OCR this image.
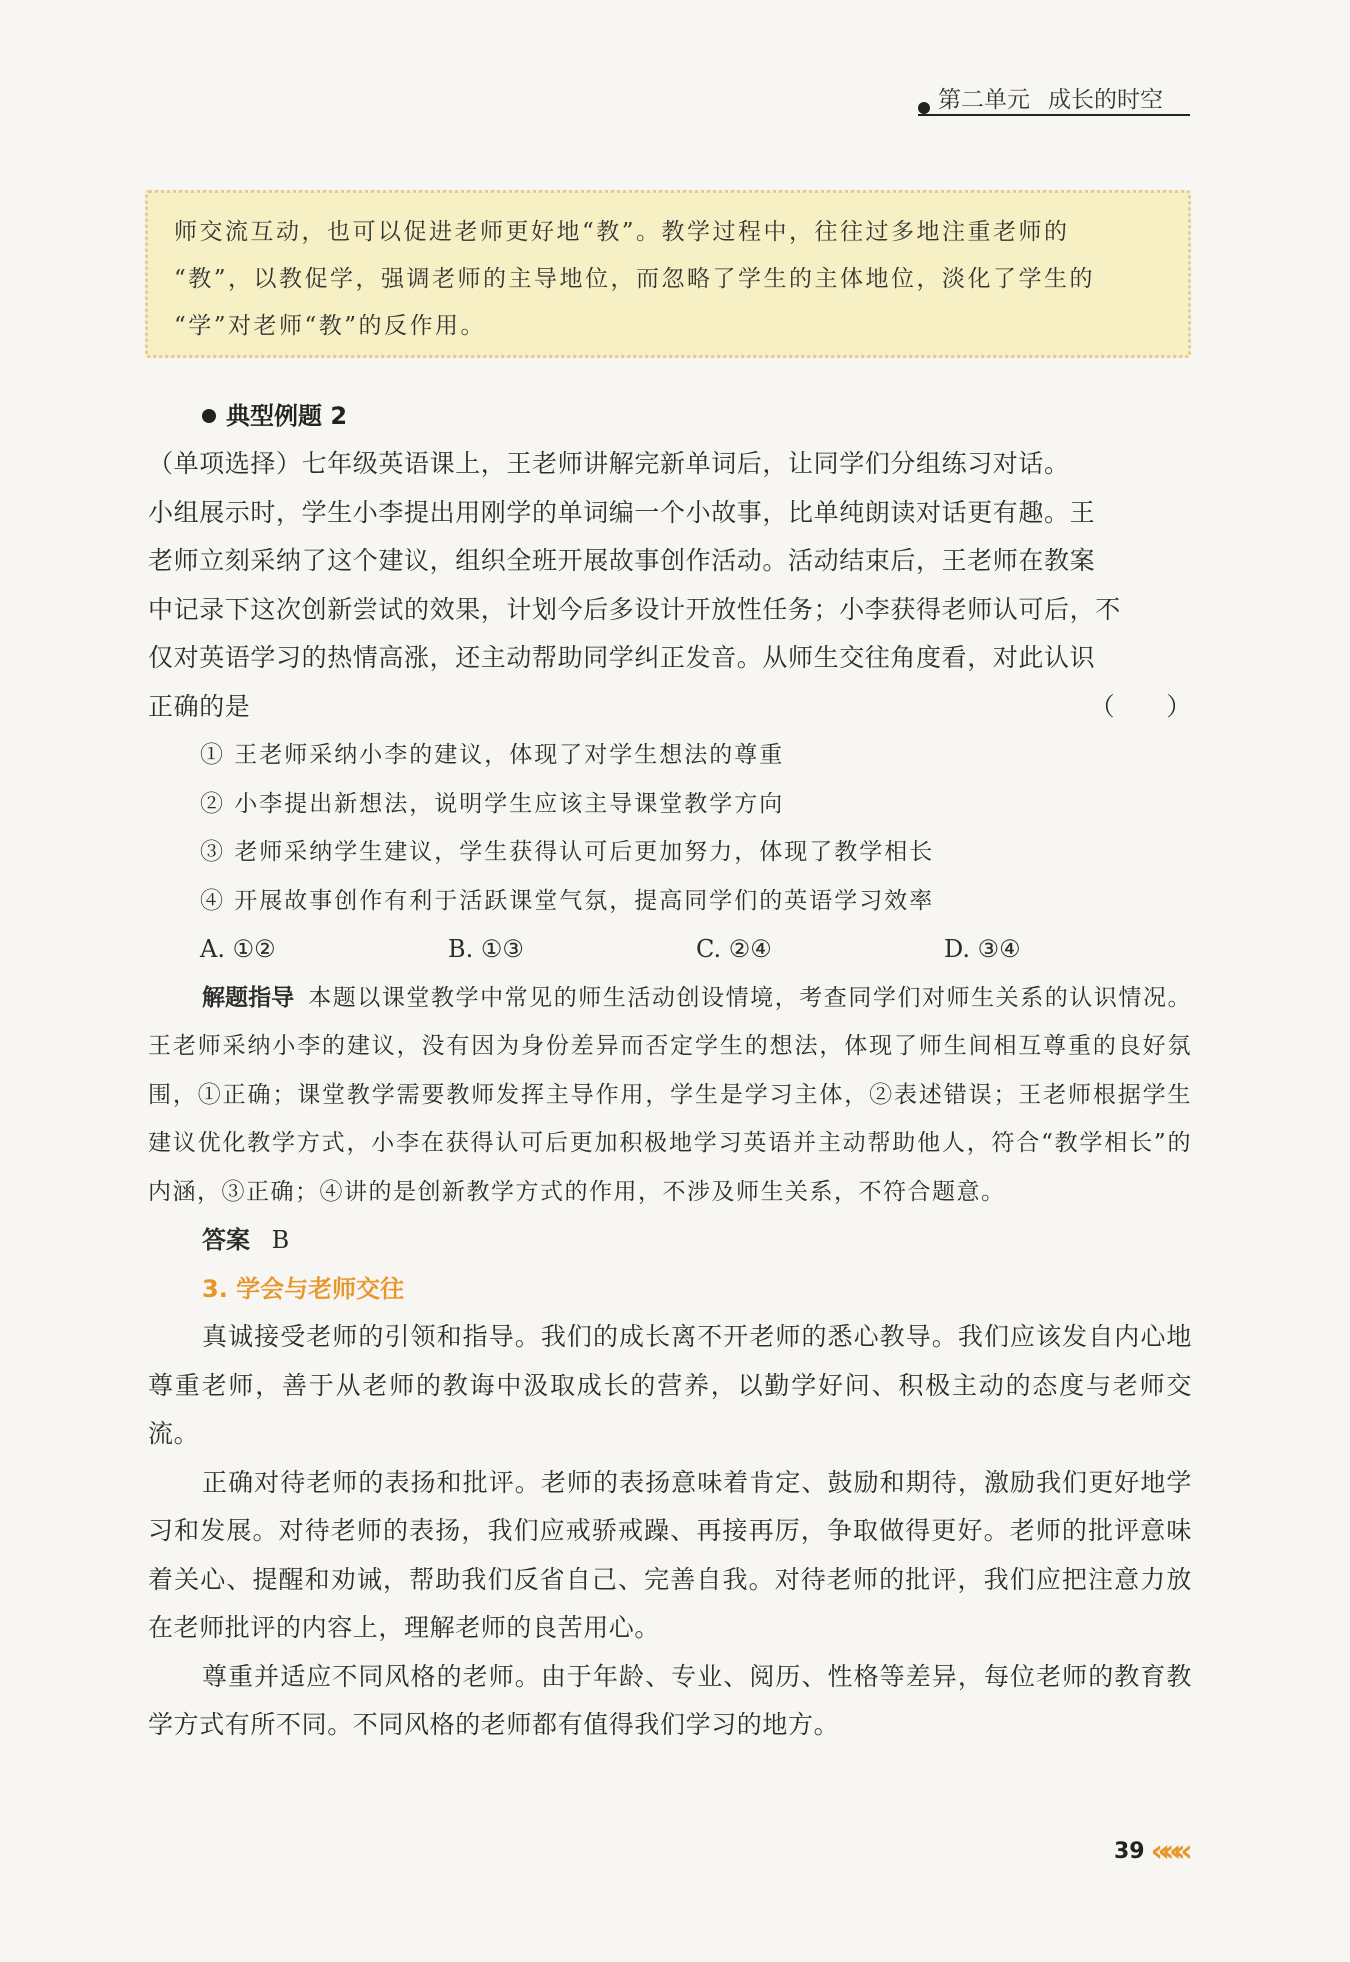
第二单元 成长的时空

师交流互动，也可以促进老师更好地“教”。教学过程中，往往过多地注重老师的

“教”，以教促学，强调老师的主导地位，而忽略了学生的主体地位，淡化了学生的

“学”对老师“教”的反作用。

典型例题 2

（单项选择）七年级英语课上，王老师讲解完新单词后，让同学们分组练习对话。

小组展示时，学生小李提出用刚学的单词编一个小故事，比单纯朗读对话更有趣。王

老师立刻采纳了这个建议，组织全班开展故事创作活动。活动结束后，王老师在教案

中记录下这次创新尝试的效果，计划今后多设计开放性任务；小李获得老师认可后，不

仅对英语学习的热情高涨，还主动帮助同学纠正发音。从师生交往角度看，对此认识

正确的是	（　　）
① 王老师采纳小李的建议，体现了对学生想法的尊重
② 小李提出新想法，说明学生应该主导课堂教学方向
③ 老师采纳学生建议，学生获得认可后更加努力，体现了教学相长
④ 开展故事创作有利于活跃课堂气氛，提高同学们的英语学习效率
A. ①②	B. ①③	C. ②④	D. ③④

解题指导 本题以课堂教学中常见的师生活动创设情境，考查同学们对师生关系的认识情况。王老师采纳小李的建议，没有因为身份差异而否定学生的想法，体现了师生间相互尊重的良好氛围，①正确；课堂教学需要教师发挥主导作用，学生是学习主体，②表述错误；王老师根据学生建议优化教学方式，小李在获得认可后更加积极地学习英语并主动帮助他人，符合“教学相长”的内涵，③正确；④讲的是创新教学方式的作用，不涉及师生关系，不符合题意。

答案 B
3. 学会与老师交往

真诚接受老师的引领和指导。我们的成长离不开老师的悉心教导。我们应该发自内心地尊重老师，善于从老师的教诲中汲取成长的营养，以勤学好问、积极主动的态度与老师交流。

正确对待老师的表扬和批评。老师的表扬意味着肯定、鼓励和期待，激励我们更好地学习和发展。对待老师的表扬，我们应戒骄戒躁、再接再厉，争取做得更好。老师的批评意味着关心、提醒和劝诫，帮助我们反省自己、完善自我。对待老师的批评，我们应把注意力放在老师批评的内容上，理解老师的良苦用心。

尊重并适应不同风格的老师。由于年龄、专业、阅历、性格等差异，每位老师的教育教学方式有所不同。不同风格的老师都有值得我们学习的地方。

39 «««
